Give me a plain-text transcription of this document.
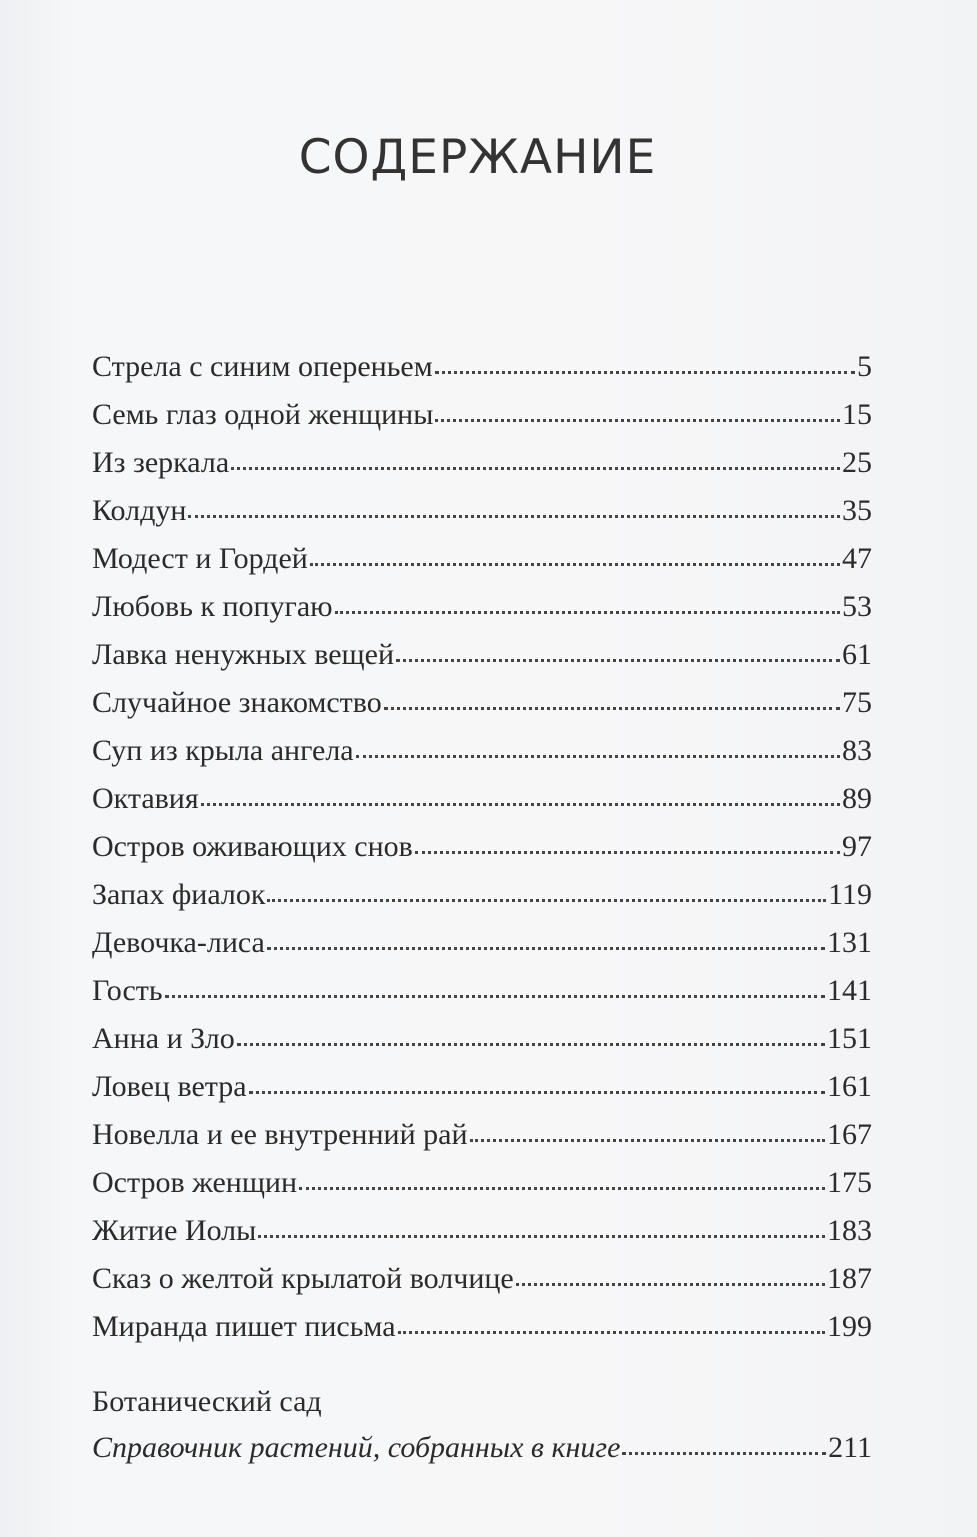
СОДЕРЖАНИЕ
Стрела с синим опереньем	5
Семь глаз одной женщины	15
Из зеркала	25
Колдун	35
Модест и Гордей	47
Любовь к попугаю	53
Лавка ненужных вещей	61
Случайное знакомство	75
Суп из крыла ангела	83
Октавия	89
Остров оживающих снов	97
Запах фиалок	119
Девочка-лиса	131
Гость	141
Анна и Зло	151
Ловец ветра	161
Новелла и ее внутренний рай	167
Остров женщин	175
Житие Иолы	183
Сказ о желтой крылатой волчице	187
Миранда пишет письма	199
Ботанический сад
Справочник растений, собранных в книге	211
